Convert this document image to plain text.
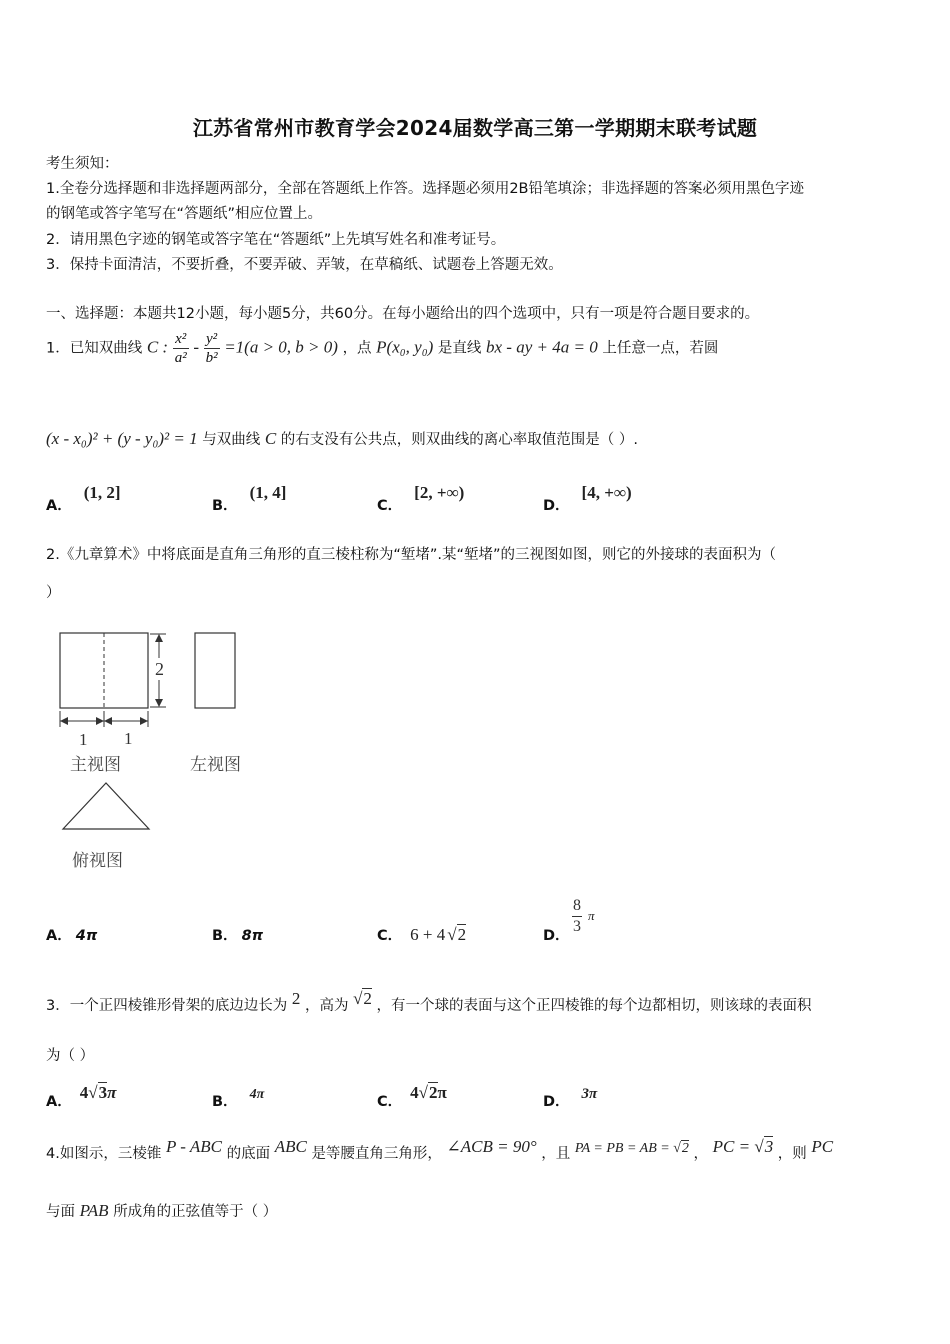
江苏省常州市教育学会2024届数学高三第一学期期末联考试题
考生须知：
1.全卷分选择题和非选择题两部分，全部在答题纸上作答。选择题必须用2B铅笔填涂；非选择题的答案必须用黑色字迹
的钢笔或答字笔写在“答题纸”相应位置上。
2．请用黑色字迹的钢笔或答字笔在“答题纸”上先填写姓名和准考证号。
3．保持卡面清洁，不要折叠，不要弄破、弄皱，在草稿纸、试题卷上答题无效。
一、选择题：本题共12小题，每小题5分，共60分。在每小题给出的四个选项中，只有一项是符合题目要求的。
1．已知双曲线 C : $\frac{\text{x²}}{\text{a²}} - \frac{\text{y²}}{\text{b²}} =1(a > 0$, b > 0) ，点 P(x₀, y₀) 是直线 bx - ay + 4a = 0 上任意一点，若圆
(x - x₀)² + (y - y₀)² = 1 与双曲线 C 的右支没有公共点，则双曲线的离心率取值范围是（ ）.
A．(1, 2]
B．(1, 4]
C．[2, +∞)
D．[4, +∞)
2.《九章算术》中将底面是直角三角形的直三棱柱称为“堑堵”.某“堑堵”的三视图如图，则它的外接球的表面积为（
）
2
1 1
主视图	左视图
俯视图
A． 4π	B． 8π	C． 6 + 4 √2	D．
8
3
π
3．一个正四棱锥形骨架的底边边长为 2 ，高为 √2 ，有一个球的表面与这个正四棱锥的每个边都相切，则该球的表面积
为（ ）
A． 4√3π	B． 4π	C． 4√2π	D． 3π
4.如图示，三棱锥 P - ABC 的底面 ABC 是等腰直角三角形， ∠ACB = 90° ，且 PA = PB = AB = √2 ， PC = √3 ，则 PC
与面 PAB 所成角的正弦值等于（ ）
